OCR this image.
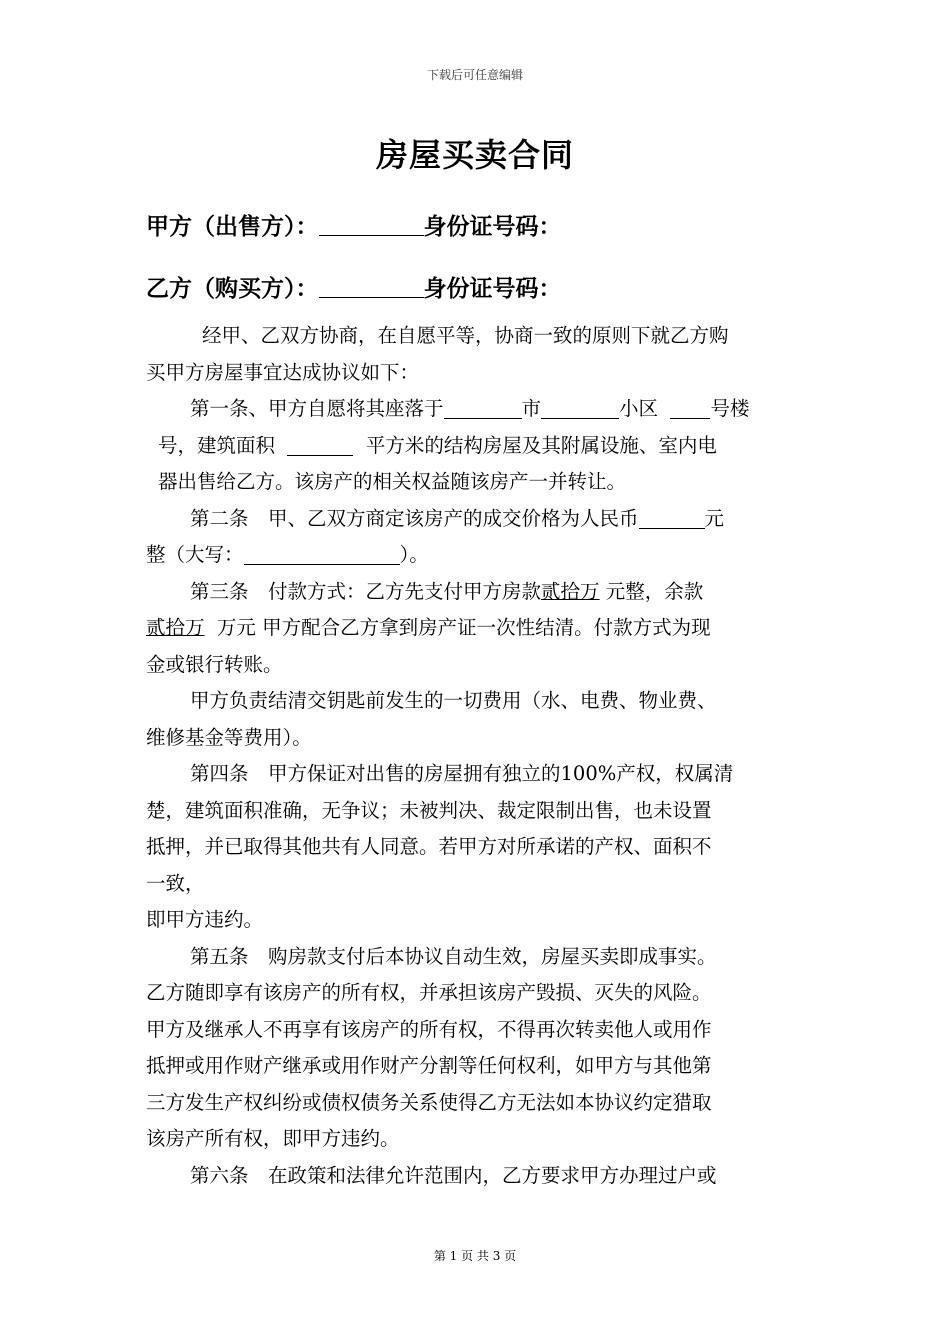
下载后可任意编辑
房屋买卖合同
甲方（出售方）：	身份证号码：
乙方（购买方）：	身份证号码：

经甲、乙双方协商，在自愿平等，协商一致的原则下就乙方购
买甲方房屋事宜达成协议如下：

第一条、甲方自愿将其座落于	市	小区	号楼
号，建筑面积	平方米的结构房屋及其附属设施、室内电
器出售给乙方。该房产的相关权益随该房产一并转让。

第二条　甲、乙双方商定该房产的成交价格为人民币	元
整（大写：	）。

第三条　付款方式：乙方先支付甲方房款贰拾万 元整，余款
贰拾万 万元 甲方配合乙方拿到房产证一次性结清。付款方式为现
金或银行转账。

甲方负责结清交钥匙前发生的一切费用（水、电费、物业费、
维修基金等费用）。

第四条　甲方保证对出售的房屋拥有独立的100%产权，权属清
楚，建筑面积准确，无争议；未被判决、裁定限制出售，也未设置
抵押，并已取得其他共有人同意。若甲方对所承诺的产权、面积不
一致，
即甲方违约。

第五条　购房款支付后本协议自动生效，房屋买卖即成事实。
乙方随即享有该房产的所有权，并承担该房产毁损、灭失的风险。
甲方及继承人不再享有该房产的所有权，不得再次转卖他人或用作
抵押或用作财产继承或用作财产分割等任何权利，如甲方与其他第
三方发生产权纠纷或债权债务关系使得乙方无法如本协议约定猎取
该房产所有权，即甲方违约。

第六条　在政策和法律允许范围内，乙方要求甲方办理过户或

第 1 页 共 3 页
